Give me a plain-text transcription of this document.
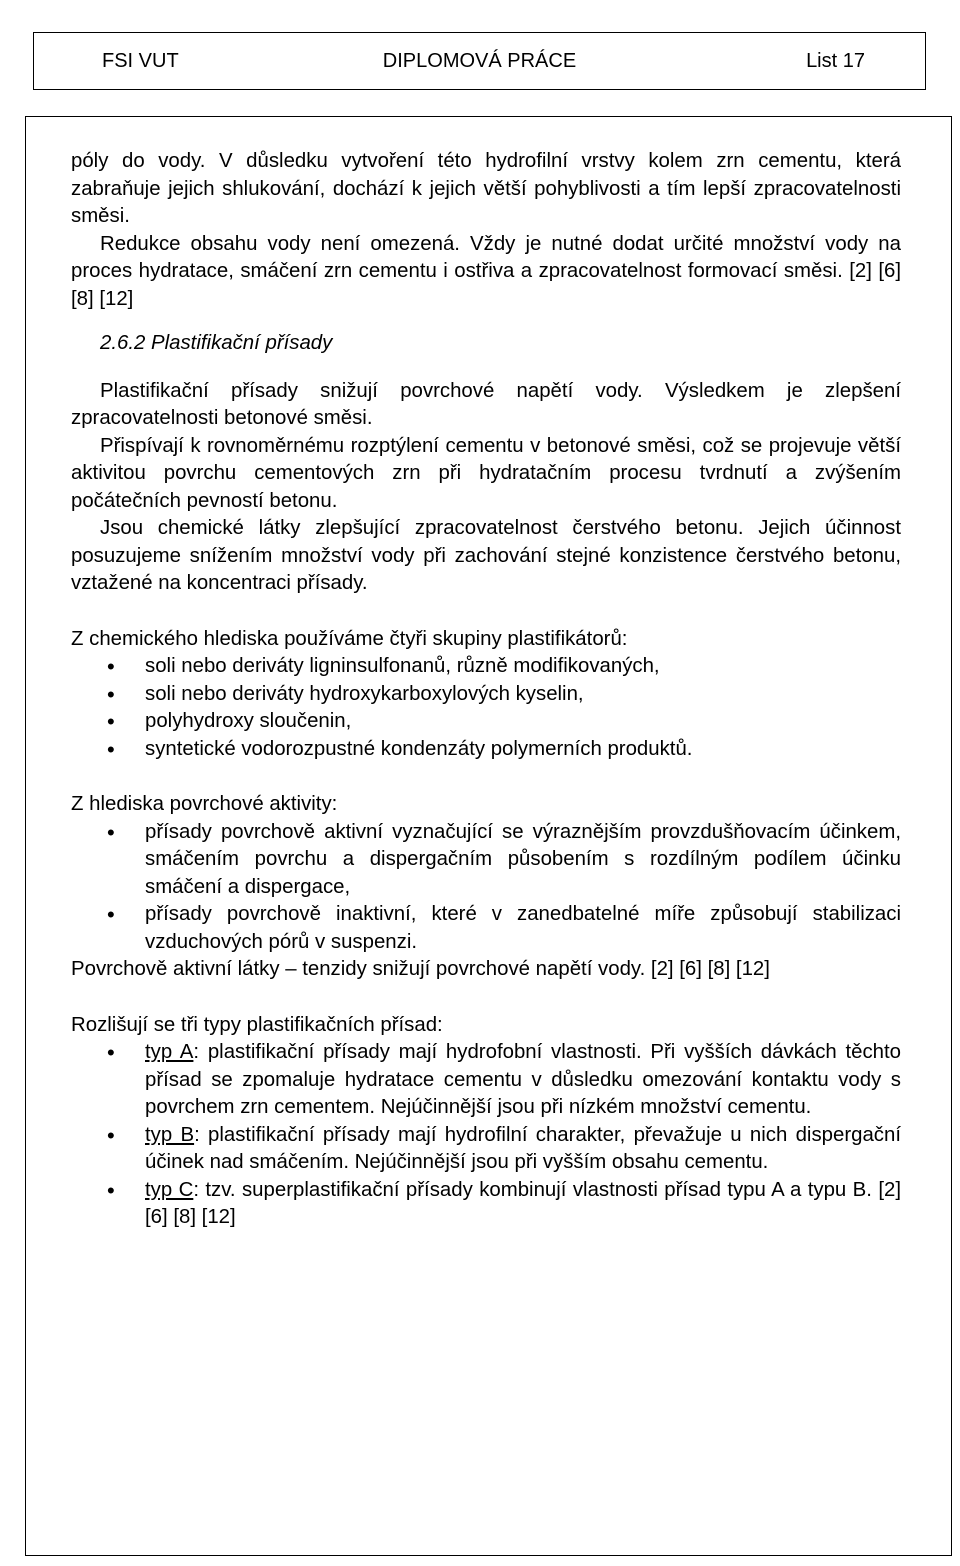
FSI VUT	DIPLOMOVÁ PRÁCE	List 17

póly do vody. V důsledku vytvoření této hydrofilní vrstvy kolem zrn cementu, která zabraňuje jejich shlukování, dochází k jejich větší pohyblivosti a tím lepší zpracovatelnosti směsi.

Redukce obsahu vody není omezená. Vždy je nutné dodat určité množství vody na proces hydratace, smáčení zrn cementu i ostřiva a zpracovatelnost formovací směsi. [2] [6] [8] [12]

2.6.2 Plastifikační přísady

Plastifikační přísady snižují povrchové napětí vody. Výsledkem je zlepšení zpracovatelnosti betonové směsi.

Přispívají k rovnoměrnému rozptýlení cementu v betonové směsi, což se projevuje větší aktivitou povrchu cementových zrn při hydratačním procesu tvrdnutí a zvýšením počátečních pevností betonu.

Jsou chemické látky zlepšující zpracovatelnost čerstvého betonu. Jejich účinnost posuzujeme snížením množství vody při zachování stejné konzistence čerstvého betonu, vztažené na koncentraci přísady.

Z chemického hlediska používáme čtyři skupiny plastifikátorů:

• soli nebo deriváty ligninsulfonanů, různě modifikovaných,
• soli nebo deriváty hydroxykarboxylových kyselin,
• polyhydroxy sloučenin,
• syntetické vodorozpustné kondenzáty polymerních produktů.

Z hlediska povrchové aktivity:

• přísady povrchově aktivní vyznačující se výraznějším provzdušňovacím účinkem, smáčením povrchu a dispergačním působením s rozdílným podílem účinku smáčení a dispergace,
• přísady povrchově inaktivní, které v zanedbatelné míře způsobují stabilizaci vzduchových pórů v suspenzi.

Povrchově aktivní látky – tenzidy snižují povrchové napětí vody. [2] [6] [8] [12]

Rozlišují se tři typy plastifikačních přísad:

• typ A: plastifikační přísady mají hydrofobní vlastnosti. Při vyšších dávkách těchto přísad se zpomaluje hydratace cementu v důsledku omezování kontaktu vody s povrchem zrn cementem. Nejúčinnější jsou při nízkém množství cementu.
• typ B: plastifikační přísady mají hydrofilní charakter, převažuje u nich dispergační účinek nad smáčením. Nejúčinnější jsou při vyšším obsahu cementu.
• typ C: tzv. superplastifikační přísady kombinují vlastnosti přísad typu A a typu B. [2] [6] [8] [12]
